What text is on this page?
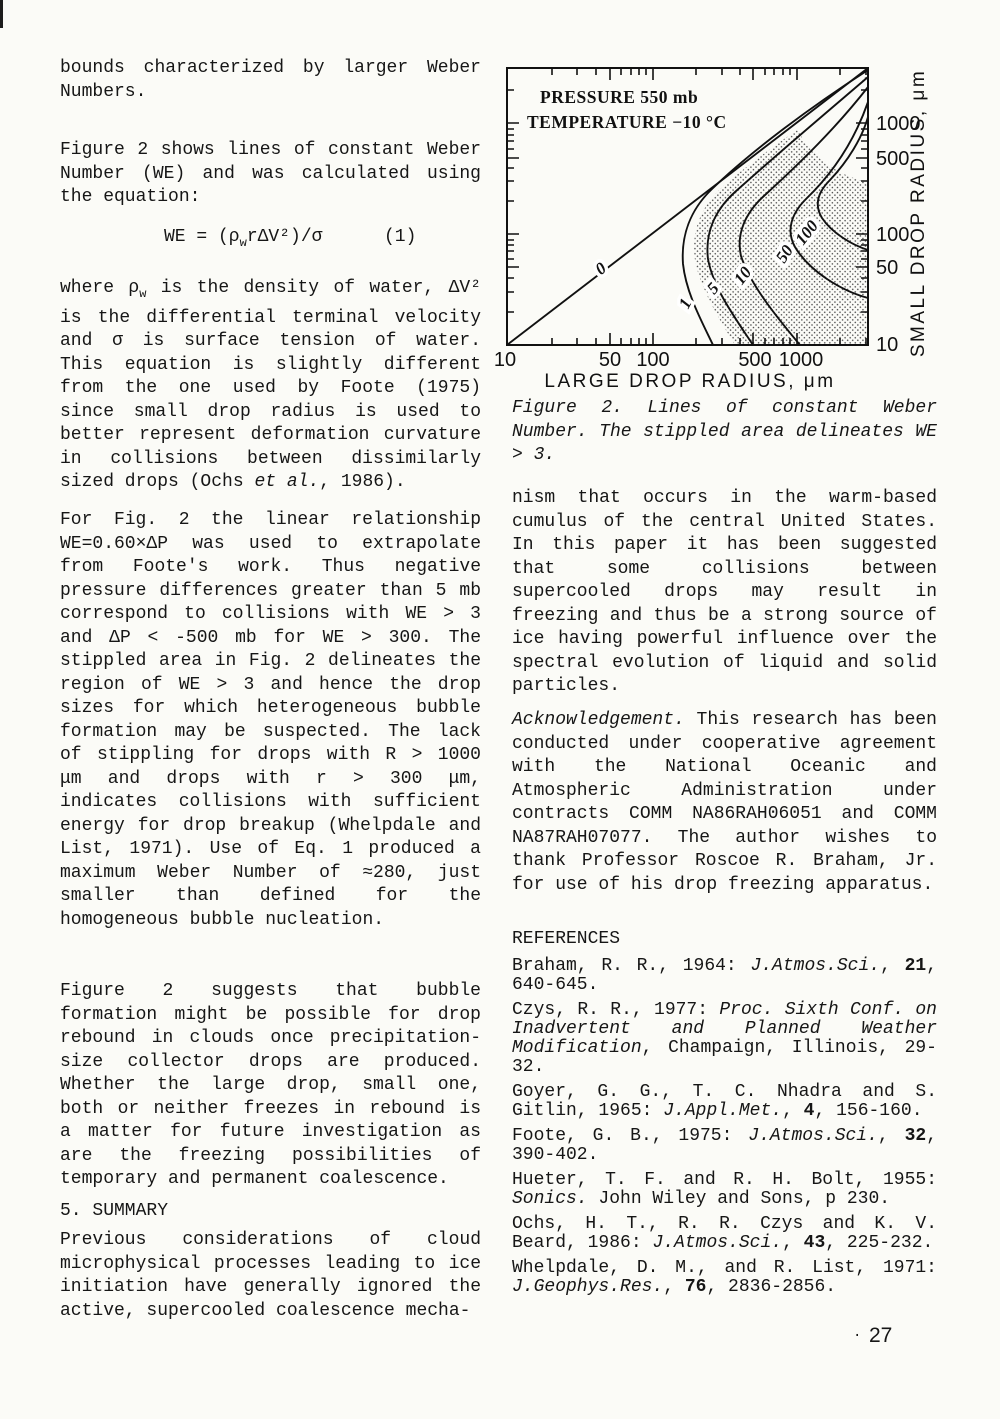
bounds characterized by larger Weber Numbers.
Figure 2 shows lines of constant Weber Number (WE) and was calculated using the equation:
WE = $(\rho_wr\Delta V^2)/\sigma$	(1)
where $\rho_w$ is the density of water, ΔV² is the differential terminal velocity and σ is surface tension of water. This equation is slightly different from the one used by Foote (1975) since small drop radius is used to better represent deformation curvature in collisions between dissimilarly sized drops (Ochs et al., 1986).
For Fig. 2 the linear relationship WE=0.60×ΔP was used to extrapolate from Foote's work. Thus negative pressure differences greater than 5 mb correspond to collisions with WE > 3 and ΔP < -500 mb for WE > 300. The stippled area in Fig. 2 delineates the region of WE > 3 and hence the drop sizes for which heterogeneous bubble formation may be suspected. The lack of stippling for drops with R > 1000 μm and drops with r > 300 μm, indicates collisions with sufficient energy for drop breakup (Whelpdale and List, 1971). Use of Eq. 1 produced a maximum Weber Number of ≈280, just smaller than defined for the homogeneous bubble nucleation.
Figure 2 suggests that bubble formation might be possible for drop rebound in clouds once precipitation-size collector drops are produced. Whether the large drop, small one, both or neither freezes in rebound is a matter for future investigation as are the freezing possibilities of temporary and permanent coalescence.
5. SUMMARY
Previous considerations of cloud microphysical processes leading to ice initiation have generally ignored the active, supercooled coalescence mecha-
0
1
5
10
50
100
PRESSURE 550 mb
TEMPERATURE −10 °C
10	50 100	500 1000
1000
500
100
50
10
LARGE DROP RADIUS, μm
SMALL DROP RADIUS, μm
Figure 2. Lines of constant Weber Number. The stippled area delineates WE > 3.
nism that occurs in the warm-based cumulus of the central United States. In this paper it has been suggested that some collisions between supercooled drops may result in freezing and thus be a strong source of ice having powerful influence over the spectral evolution of liquid and solid particles.
Acknowledgement. This research has been conducted under cooperative agreement with the National Oceanic and Atmospheric Administration under contracts COMM NA86RAH06051 and COMM NA87RAH07077. The author wishes to thank Professor Roscoe R. Braham, Jr. for use of his drop freezing apparatus.
REFERENCES
Braham, R. R., 1964: J.Atmos.Sci., 21, 640-645.
Czys, R. R., 1977: Proc. Sixth Conf. on Inadvertent and Planned Weather Modification, Champaign, Illinois, 29-32.
Goyer, G. G., T. C. Nhadra and S. Gitlin, 1965: J.Appl.Met., 4, 156-160.
Foote, G. B., 1975: J.Atmos.Sci., 32, 390-402.
Hueter, T. F. and R. H. Bolt, 1955: Sonics. John Wiley and Sons, p 230.
Ochs, H. T., R. R. Czys and K. V. Beard, 1986: J.Atmos.Sci., 43, 225-232.
Whelpdale, D. M., and R. List, 1971: J.Geophys.Res., 76, 2836-2856.
· 27
